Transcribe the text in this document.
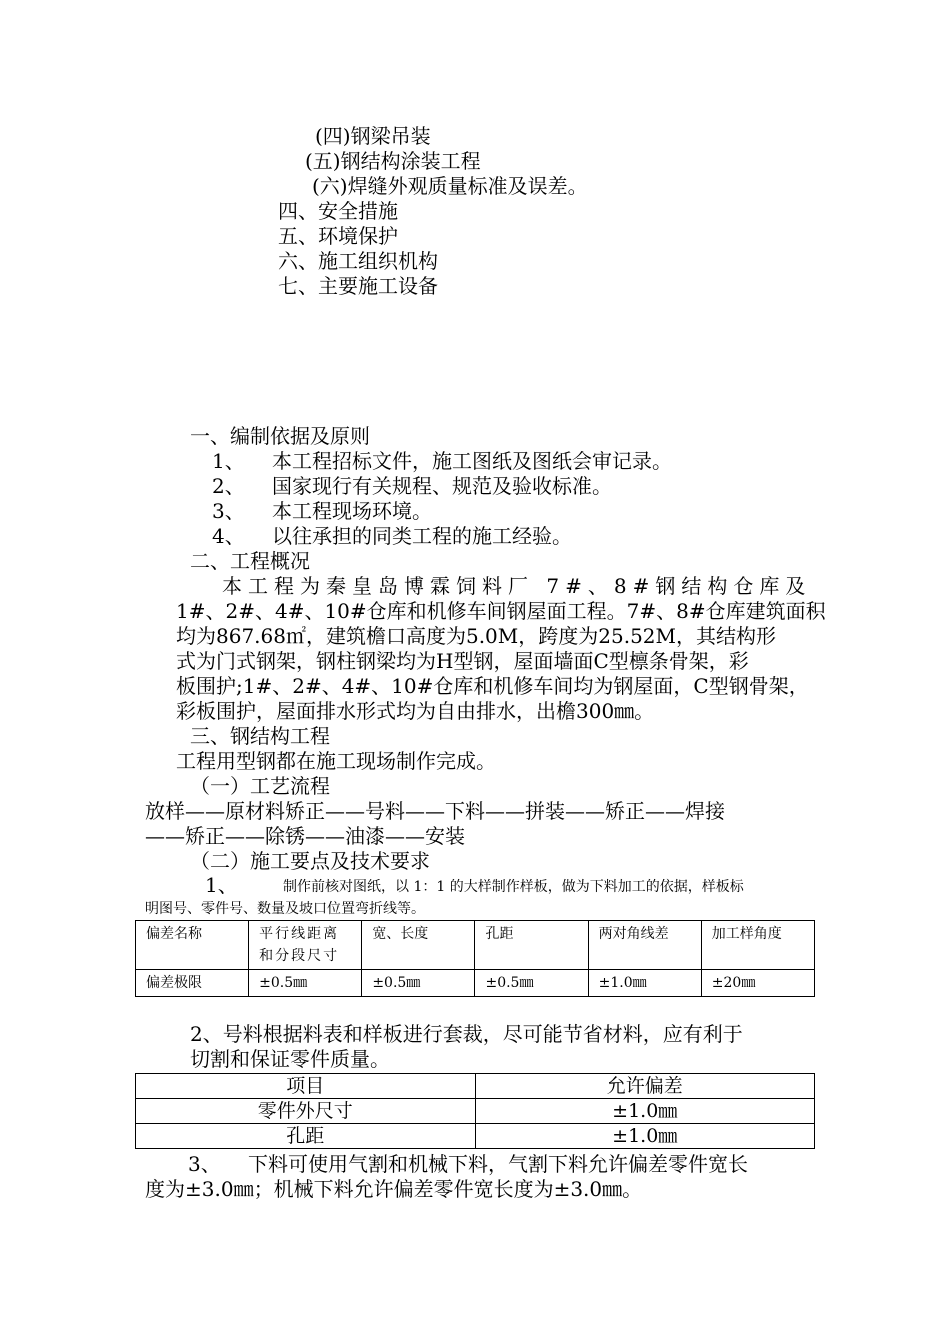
(四)钢梁吊装
(五)钢结构涂装工程
(六)焊缝外观质量标准及误差。
四、安全措施
五、环境保护
六、施工组织机构
七、主要施工设备
一、编制依据及原则
1、 本工程招标文件，施工图纸及图纸会审记录。
2、 国家现行有关规程、规范及验收标准。
3、 本工程现场环境。
4、 以往承担的同类工程的施工经验。
二、工程概况
本工程为秦皇岛博霖饲料厂 7#、8#钢结构仓库及
1#、2#、4#、10#仓库和机修车间钢屋面工程。7#、8#仓库建筑面积
均为867.68㎡，建筑檐口高度为5.0M，跨度为25.52M，其结构形
式为门式钢架，钢柱钢梁均为H型钢，屋面墙面C型檩条骨架，彩
板围护;1#、2#、4#、10#仓库和机修车间均为钢屋面，C型钢骨架，
彩板围护，屋面排水形式均为自由排水，出檐300㎜。
三、钢结构工程
工程用型钢都在施工现场制作完成。
（一）工艺流程
放样——原材料矫正——号料——下料——拼装——矫正——焊接
——矫正——除锈——油漆——安装
（二）施工要点及技术要求
1、	制作前核对图纸，以 1：1 的大样制作样板，做为下料加工的依据，样板标
明图号、零件号、数量及坡口位置弯折线等。
偏差名称	平行线距离和分段尺寸	宽、长度	孔距	两对角线差	加工样角度
偏差极限	±0.5㎜	±0.5㎜	±0.5㎜	±1.0㎜	±20㎜
2、号料根据料表和样板进行套裁，尽可能节省材料，应有利于
切割和保证零件质量。
项目	允许偏差
零件外尺寸	±1.0㎜
孔距	±1.0㎜
3、 下料可使用气割和机械下料，气割下料允许偏差零件宽长
度为±3.0㎜；机械下料允许偏差零件宽长度为±3.0㎜。
